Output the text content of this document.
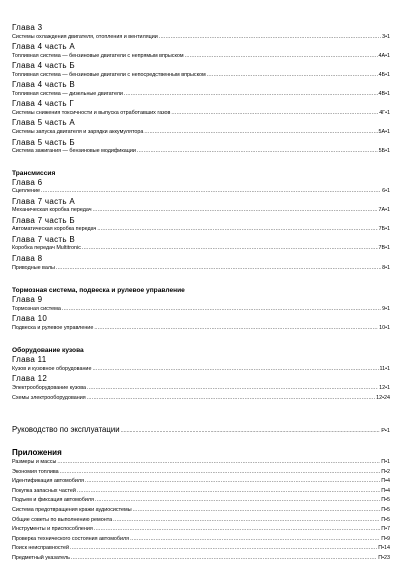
Глава 3

Системы охлаждения двигателя, отопления и вентиляции .....	3•1

Глава 4 часть А

Топливная система — бензиновые двигатели с непрямым впрыском .....	4A•1

Глава 4 часть Б

Топливная система — бензиновые двигатели с непосредственным впрыском .....	4Б•1

Глава 4 часть В

Топливная система — дизельные двигатели .....	4В•1

Глава 4 часть Г

Системы снижения токсичности и выпуска отработавших газов .....	4Г•1

Глава 5 часть А

Системы запуска двигателя и зарядки аккумулятора .....	5A•1

Глава 5 часть Б

Система зажигания — бензиновые модификации .....	5Б•1

Трансмиссия

Глава 6

Сцепление .....	6•1

Глава 7 часть А

Механическая коробка передач .....	7A•1

Глава 7 часть Б

Автоматическая коробка передач .....	7Б•1

Глава 7 часть В

Коробка передач Multitronic .....	7В•1

Глава 8

Приводные валы .....	8•1

Тормозная система, подвеска и рулевое управление

Глава 9

Тормозная система .....	9•1

Глава 10

Подвеска и рулевое управление .....	10•1

Оборудование кузова

Глава 11

Кузов и кузовное оборудование .....	11•1

Глава 12

Электрооборудование кузова .....	12•1
Схемы электрооборудования .....	12•24
Руководство по эксплуатации .....	P•1

Приложения

Размеры и массы .....	П•1
Экономия топлива .....	П•2
Идентификация автомобиля .....	П•4
Покупка запасных частей .....	П•4
Подъем и фиксация автомобиля .....	П•5
Система предотвращения кражи аудиосистемы .....	П•5
Общие советы по выполнению ремонта .....	П•5
Инструменты и приспособления .....	П•7
Проверка технического состояния автомобиля .....	П•9
Поиск неисправностей .....	П•14
Предметный указатель .....	П•23
